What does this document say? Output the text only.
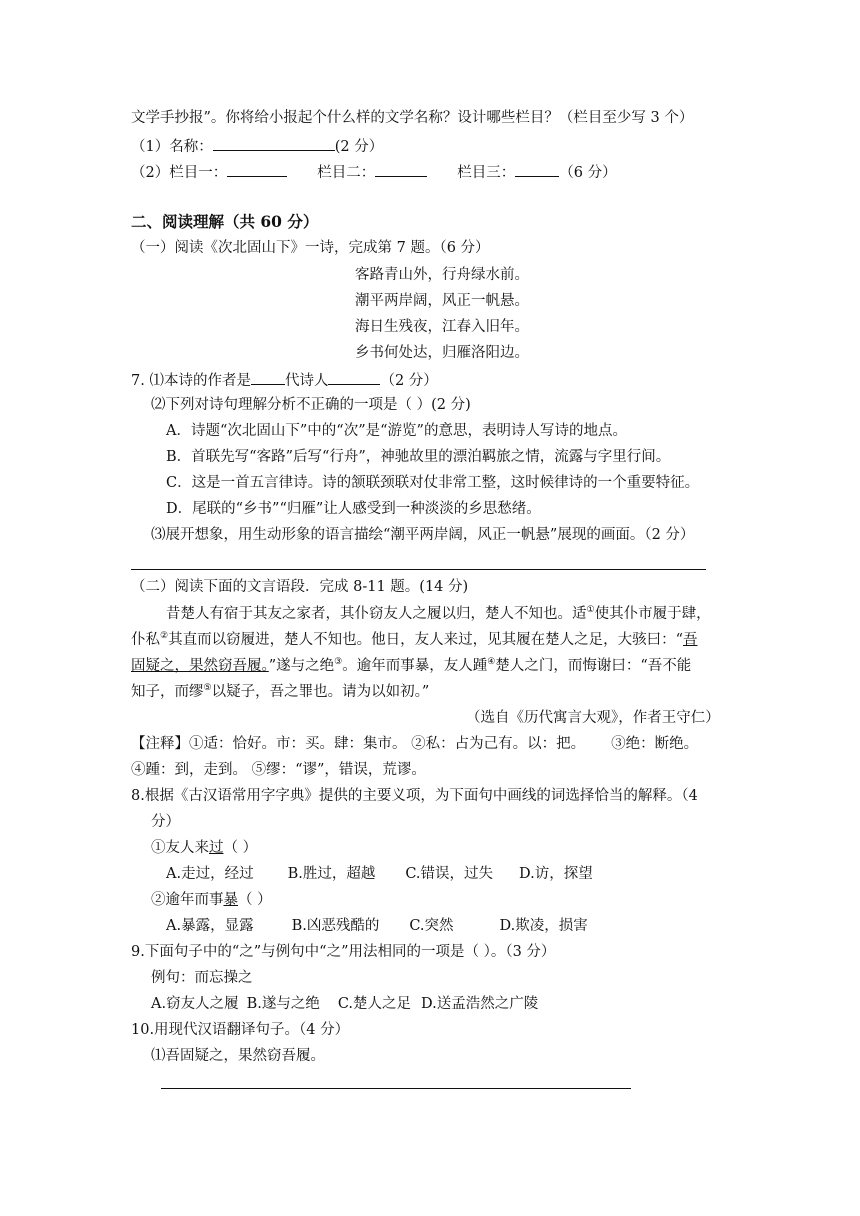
文学手抄报”。你将给小报起个什么样的文学名称？设计哪些栏目？（栏目至少写 3 个）
（1）名称：	(2 分）
（2）栏目一：	栏目二：	栏目三：	（6 分）
二、阅读理解（共 60 分）
（一）阅读《次北固山下》一诗，完成第 7 题。（6 分）
客路青山外，行舟绿水前。
潮平两岸阔，风正一帆悬。
海日生残夜，江春入旧年。
乡书何处达，归雁洛阳边。
7. ⑴本诗的作者是 代诗人	（2 分）
⑵下列对诗句理解分析不正确的一项是（ ）(2 分)
A．诗题“次北固山下”中的“次”是“游览”的意思，表明诗人写诗的地点。
B．首联先写“客路”后写“行舟”，神驰故里的漂泊羁旅之情，流露与字里行间。
C．这是一首五言律诗。诗的颔联颈联对仗非常工整，这时候律诗的一个重要特征。
D．尾联的“乡书”“归雁”让人感受到一种淡淡的乡思愁绪。
⑶展开想象，用生动形象的语言描绘“潮平两岸阔，风正一帆悬”展现的画面。（2 分）
（二）阅读下面的文言语段．完成 8-11 题。(14 分)
昔楚人有宿于其友之家者，其仆窃友人之履以归，楚人不知也。适①使其仆市履于肆，
仆私②其直而以窃履进，楚人不知也。他日，友人来过，见其履在楚人之足，大骇曰：“吾
固疑之，果然窃吾履。”遂与之绝③。逾年而事暴，友人踵④楚人之门，而悔谢曰：“吾不能
知子，而缪⑤以疑子，吾之罪也。请为以如初。”
（选自《历代寓言大观》，作者王守仁）
【注释】①适：恰好。市：买。肆：集市。 ②私：占为己有。以：把。 ③绝：断绝。
④踵：到，走到。 ⑤缪：“谬”，错误，荒谬。
8.根据《古汉语常用字字典》提供的主要义项，为下面句中画线的词选择恰当的解释。（4
分）
①友人来过（ ）
A.走过，经过 B.胜过，超越 C.错误，过失 D.访，探望
②逾年而事暴（ ）
A.暴露，显露	B.凶恶残酷的 C.突然	D.欺凌，损害
9.下面句子中的“之”与例句中“之”用法相同的一项是（ ）。（3 分）
例句：而忘操之
A.窃友人之履 B.遂与之绝 C.楚人之足 D.送孟浩然之广陵
10.用现代汉语翻译句子。（4 分）
⑴吾固疑之，果然窃吾履。
